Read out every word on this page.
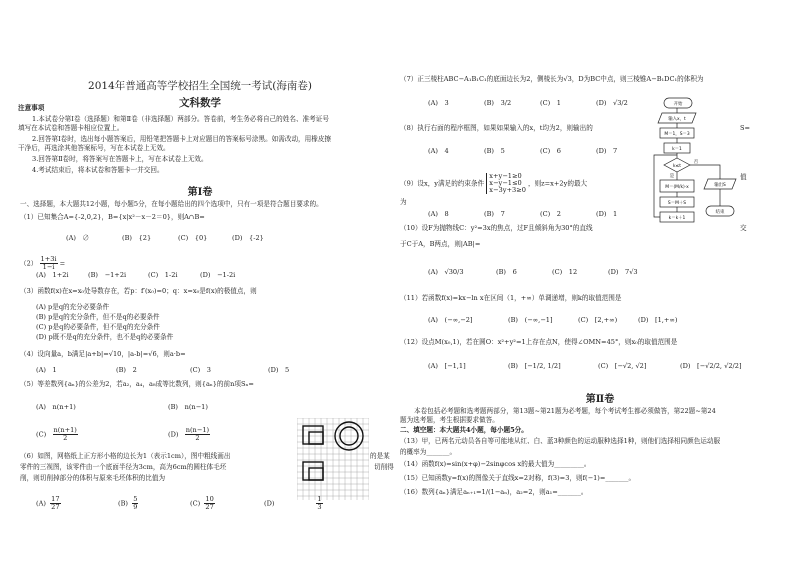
2014年普通高等学校招生全国统一考试(海南卷)
文科数学
注意事项
1.本试卷分第Ⅰ卷（选择题）和第Ⅱ卷（非选择题）两部分。答卷前，考生务必将自己的姓名、准考证号
填写在本试卷和答题卡相应位置上。
2.回答第Ⅰ卷时，选出每小题答案后，用铅笔把答题卡上对应题目的答案标号涂黑。如需改动，用橡皮擦
干净后，再选涂其他答案标号，写在本试卷上无效。
3.回答第Ⅱ卷时，将答案写在答题卡上，写在本试卷上无效。
4.考试结束后，将本试卷和答题卡一并交回。
第Ⅰ卷
一、选择题，本大题共12小题，每小题5分，在每小题给出的四个选项中，只有一项是符合题目要求的。
（1）已知集合A={-2,0,2}，B={x|x²－x－2＝0}，则A∩B=
(A)　∅	(B)　{2}	(C)　{0}	(D)　{-2}
$(2) \frac{1+3i}{1-i}$ =
(A)　1+2i	(B)　−1+2i	(C)　1-2i	(D)　−1-2i
（3）函数f(x)在x=x₀处导数存在，若p：f′(x₀)=0；q：x=x₀是f(x)的极值点，则
(A) p是q的充分必要条件
(B) p是q的充分条件，但不是q的必要条件
(C) p是q的必要条件，但不是q的充分条件
(D) p既不是q的充分条件，也不是q的必要条件
（4）设向量a，b满足|a+b|=√10，|a-b|=√6，则a·b=
(A)　1	(B)　2	(C)　3	(D)　5
（5）等差数列{aₙ}的公差为2，若a₂，a₄，a₈成等比数列，则{aₙ}的前n项Sₙ=
(A)　n(n+1)	(B)　n(n−1)
$(C) \frac{n(n+1)}{2}$	$(D) \frac{n(n-1)}{2}$
（6）如图，网格纸上正方形小格的边长为1（表示1cm），图中粗线画出
零件的三视图，该零件由一个底面半径为3cm，高为6cm的圆柱体毛坯
削，则切削掉部分的体积与原来毛坯体积的比值为
的是某
切削得
$(A) \frac{17}{27}$	$(B) \frac{5}{9}$	$(C) \frac{10}{27}$	(D)	$\frac{1}{3}$
（7）正三棱柱ABC−A₁B₁C₁的底面边长为2，侧棱长为√3，D为BC中点，则三棱锥A−B₁DC₁的体积为
(A)　3	(B)　3/2	(C)　1	(D)　√3/2
（8）执行右面的程序框图，如果如果输入的x，t均为2，则输出的	S=
(A)　4	(B)　5	(C)　6	(D)　7
（9）设x，y满足的约束条件
x+y−1≥0
x−y−1≤0
x−3y+3≥0
，则z=x+2y的最大
值
为
(A)　8	(B)　7	(C)　2	(D)　1
（10）设F为抛物线C：y²=3x的焦点，过F且倾斜角为30°的直线	交
于C于A，B两点，则|AB|=
(A)　√30/3	(B)　6	(C)　12	(D)　7√3
（11）若函数f(x)=kx−ln x在区间（1，+∞）单调递增，则k的取值范围是
(A)　(−∞,−2]	(B)　(−∞,−1]	(C)　[2,+∞)	(D)　[1,+∞)
（12）设点M(x₀,1)，若在圆O：x²+y²=1上存在点N，使得∠OMN=45°，则x₀的取值范围是
(A)　[−1,1]	(B)　[−1/2, 1/2]	(C)　[−√2, √2]	(D)　[−√2/2, √2/2]
第Ⅱ卷
本卷包括必考题和选考题两部分，第13题~第21题为必考题，每个考试考生都必须做答，第22题~第24
题为选考题，考生根据要求做答。
二、填空题：本大题共4小题，每小题5分。
（13）甲，已两名元动员各自等可能地从红、白、蓝3种颜色的运动服种选择1种，则他们选择相同颜色运动服
的概率为_______。
（14）函数f(x)=sin(x+φ)−2sinφcos x的最大值为_________。
（15）已知函数y=f(x)的图像关于直线x=2对称，f(3)=3，则f(−1)=_______。
（16）数列{aₙ}满足aₙ₊₁=1/(1−aₙ)，a₂=2，则a₁=_______。
开始
输入x，t
M＝1，S＝3
k＝1
k≤t
是
否
M＝(M/k)·x
S＝M＋S
k＝k＋1
输出S
结束
